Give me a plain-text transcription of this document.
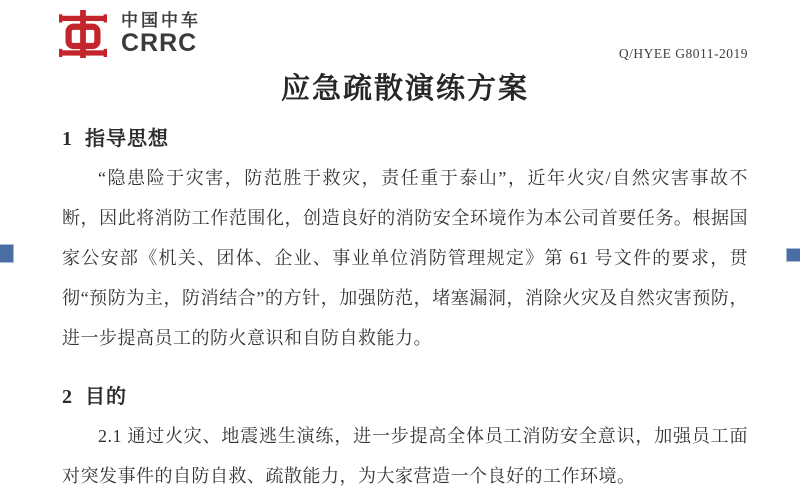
中国中车
CRRC	Q/HYEE G8011-2019
应急疏散演练方案
1  指导思想

“隐患险于灾害，防范胜于救灾，责任重于泰山”，近年火灾/自然灾害事故不断，因此将消防工作范围化，创造良好的消防安全环境作为本公司首要任务。根据国家公安部《机关、团体、企业、事业单位消防管理规定》第 61 号文件的要求，贯彻“预防为主，防消结合”的方针，加强防范，堵塞漏洞，消除火灾及自然灾害预防，进一步提高员工的防火意识和自防自救能力。

2  目的

2.1 通过火灾、地震逃生演练，进一步提高全体员工消防安全意识，加强员工面对突发事件的自防自救、疏散能力，为大家营造一个良好的工作环境。
